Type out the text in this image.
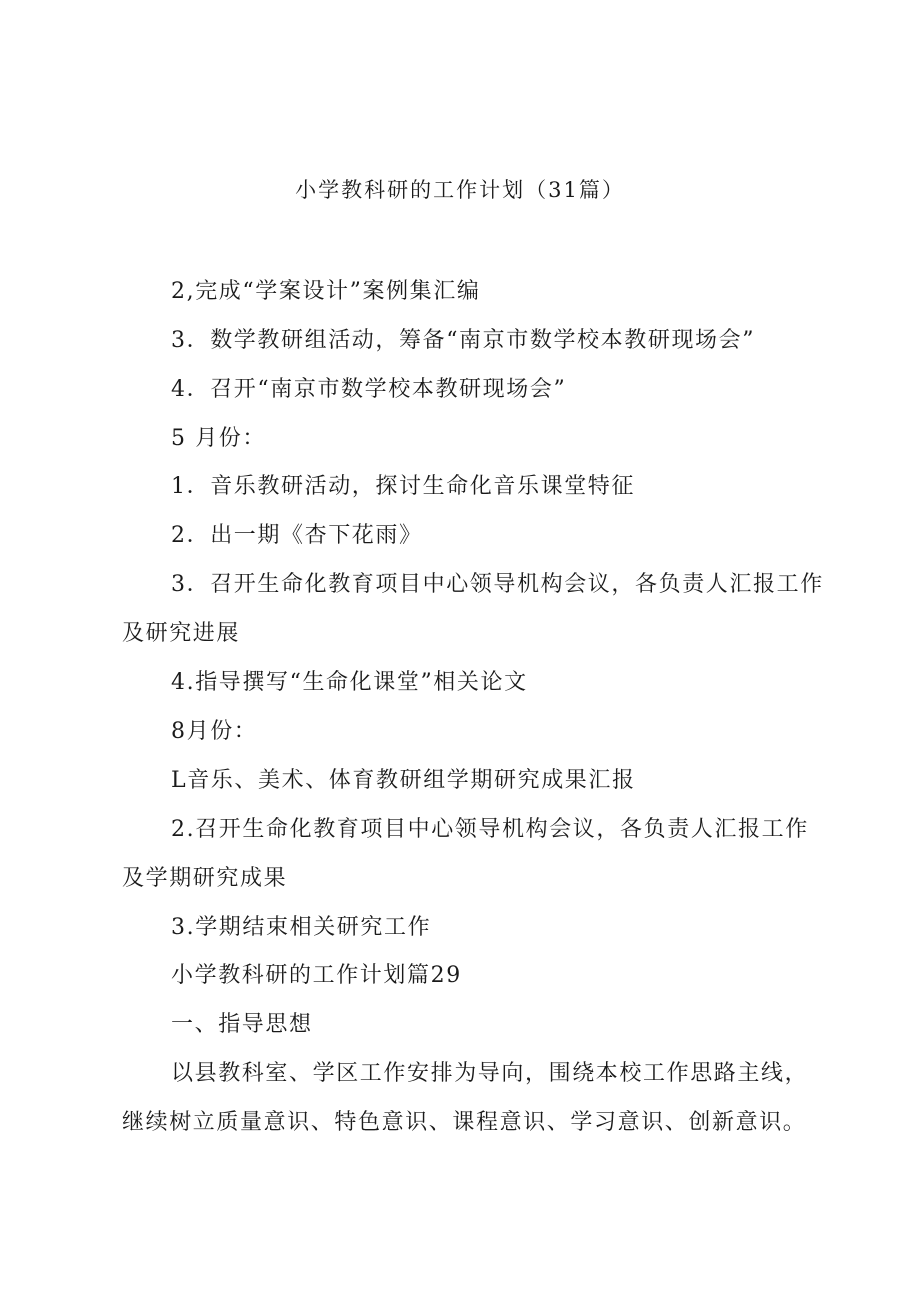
小学教科研的工作计划（31篇）
2,完成“学案设计”案例集汇编
3．数学教研组活动，筹备“南京市数学校本教研现场会”
4．召开“南京市数学校本教研现场会”
5 月份：
1．音乐教研活动，探讨生命化音乐课堂特征
2．出一期《杏下花雨》
3．召开生命化教育项目中心领导机构会议，各负责人汇报工作
及研究进展
4.指导撰写“生命化课堂”相关论文
8月份：
L音乐、美术、体育教研组学期研究成果汇报
2.召开生命化教育项目中心领导机构会议，各负责人汇报工作
及学期研究成果
3.学期结束相关研究工作
小学教科研的工作计划篇29
一、指导思想
以县教科室、学区工作安排为导向，围绕本校工作思路主线，
继续树立质量意识、特色意识、课程意识、学习意识、创新意识。
